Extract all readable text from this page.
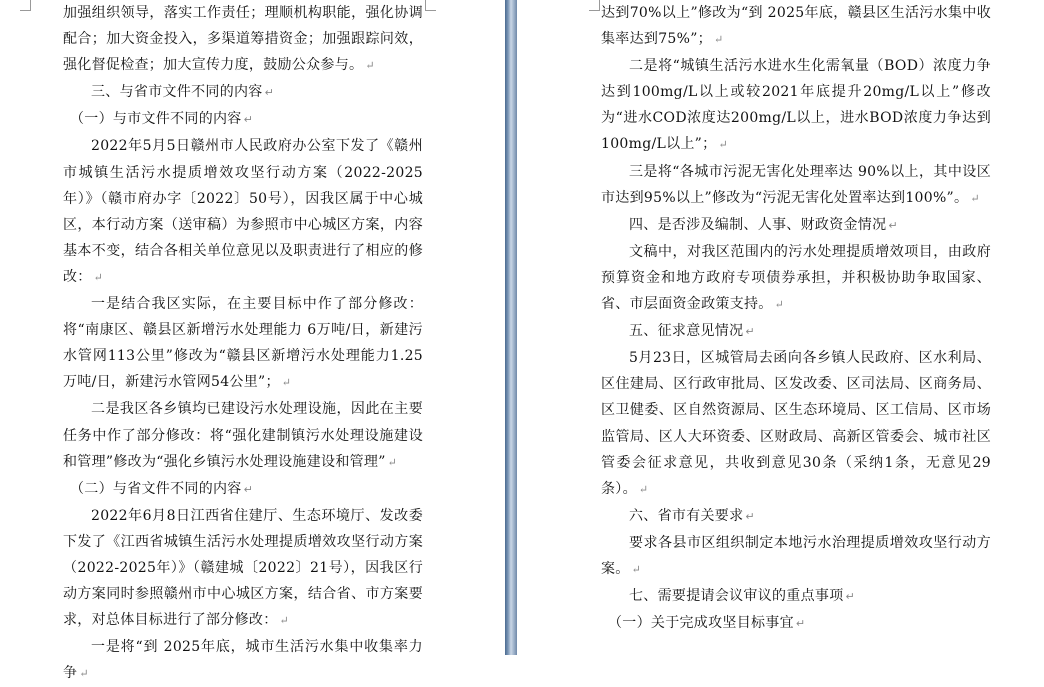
加强组织领导，落实工作责任；理顺机构职能，强化协调配合；加大资金投入，多渠道筹措资金；加强跟踪问效，强化督促检查；加大宣传力度，鼓励公众参与。 ↵

三、与省市文件不同的内容 ↵

（一）与市文件不同的内容 ↵

2022年5月5日赣州市人民政府办公室下发了《赣州市城镇生活污水提质增效攻坚行动方案（2022-2025年）》（赣市府办字〔2022〕50号），因我区属于中心城区，本行动方案（送审稿）为参照市中心城区方案，内容基本不变，结合各相关单位意见以及职责进行了相应的修改： ↵

一是结合我区实际，在主要目标中作了部分修改：将“南康区、赣县区新增污水处理能力 6万吨/日，新建污水管网113公里”修改为“赣县区新增污水处理能力1.25万吨/日，新建污水管网54公里”； ↵

二是我区各乡镇均已建设污水处理设施，因此在主要任务中作了部分修改：将“强化建制镇污水处理设施建设和管理”修改为“强化乡镇污水处理设施建设和管理” ↵

（二）与省文件不同的内容 ↵

2022年6月8日江西省住建厅、生态环境厅、发改委下发了《江西省城镇生活污水处理提质增效攻坚行动方案（2022-2025年）》（赣建城〔2022〕21号），因我区行动方案同时参照赣州市中心城区方案，结合省、市方案要求，对总体目标进行了部分修改： ↵

一是将“到 2025年底，城市生活污水集中收集率力争 ↵

达到70%以上”修改为“到 2025年底，赣县区生活污水集中收集率达到75%”； ↵

二是将“城镇生活污水进水生化需氧量（BOD）浓度力争达到100mg/L以上或较2021年底提升20mg/L以上”修改为“进水COD浓度达200mg/L以上，进水BOD浓度力争达到100mg/L以上”； ↵

三是将“各城市污泥无害化处理率达 90%以上，其中设区市达到95%以上”修改为“污泥无害化处置率达到100%”。 ↵

四、是否涉及编制、人事、财政资金情况 ↵

文稿中，对我区范围内的污水处理提质增效项目，由政府预算资金和地方政府专项债券承担，并积极协助争取国家、省、市层面资金政策支持。 ↵

五、征求意见情况 ↵

5月23日，区城管局去函向各乡镇人民政府、区水利局、区住建局、区行政审批局、区发改委、区司法局、区商务局、区卫健委、区自然资源局、区生态环境局、区工信局、区市场监管局、区人大环资委、区财政局、高新区管委会、城市社区管委会征求意见，共收到意见30条（采纳1条，无意见29条）。 ↵

六、省市有关要求 ↵

要求各县市区组织制定本地污水治理提质增效攻坚行动方案。 ↵

七、需要提请会议审议的重点事项 ↵

（一）关于完成攻坚目标事宜 ↵
